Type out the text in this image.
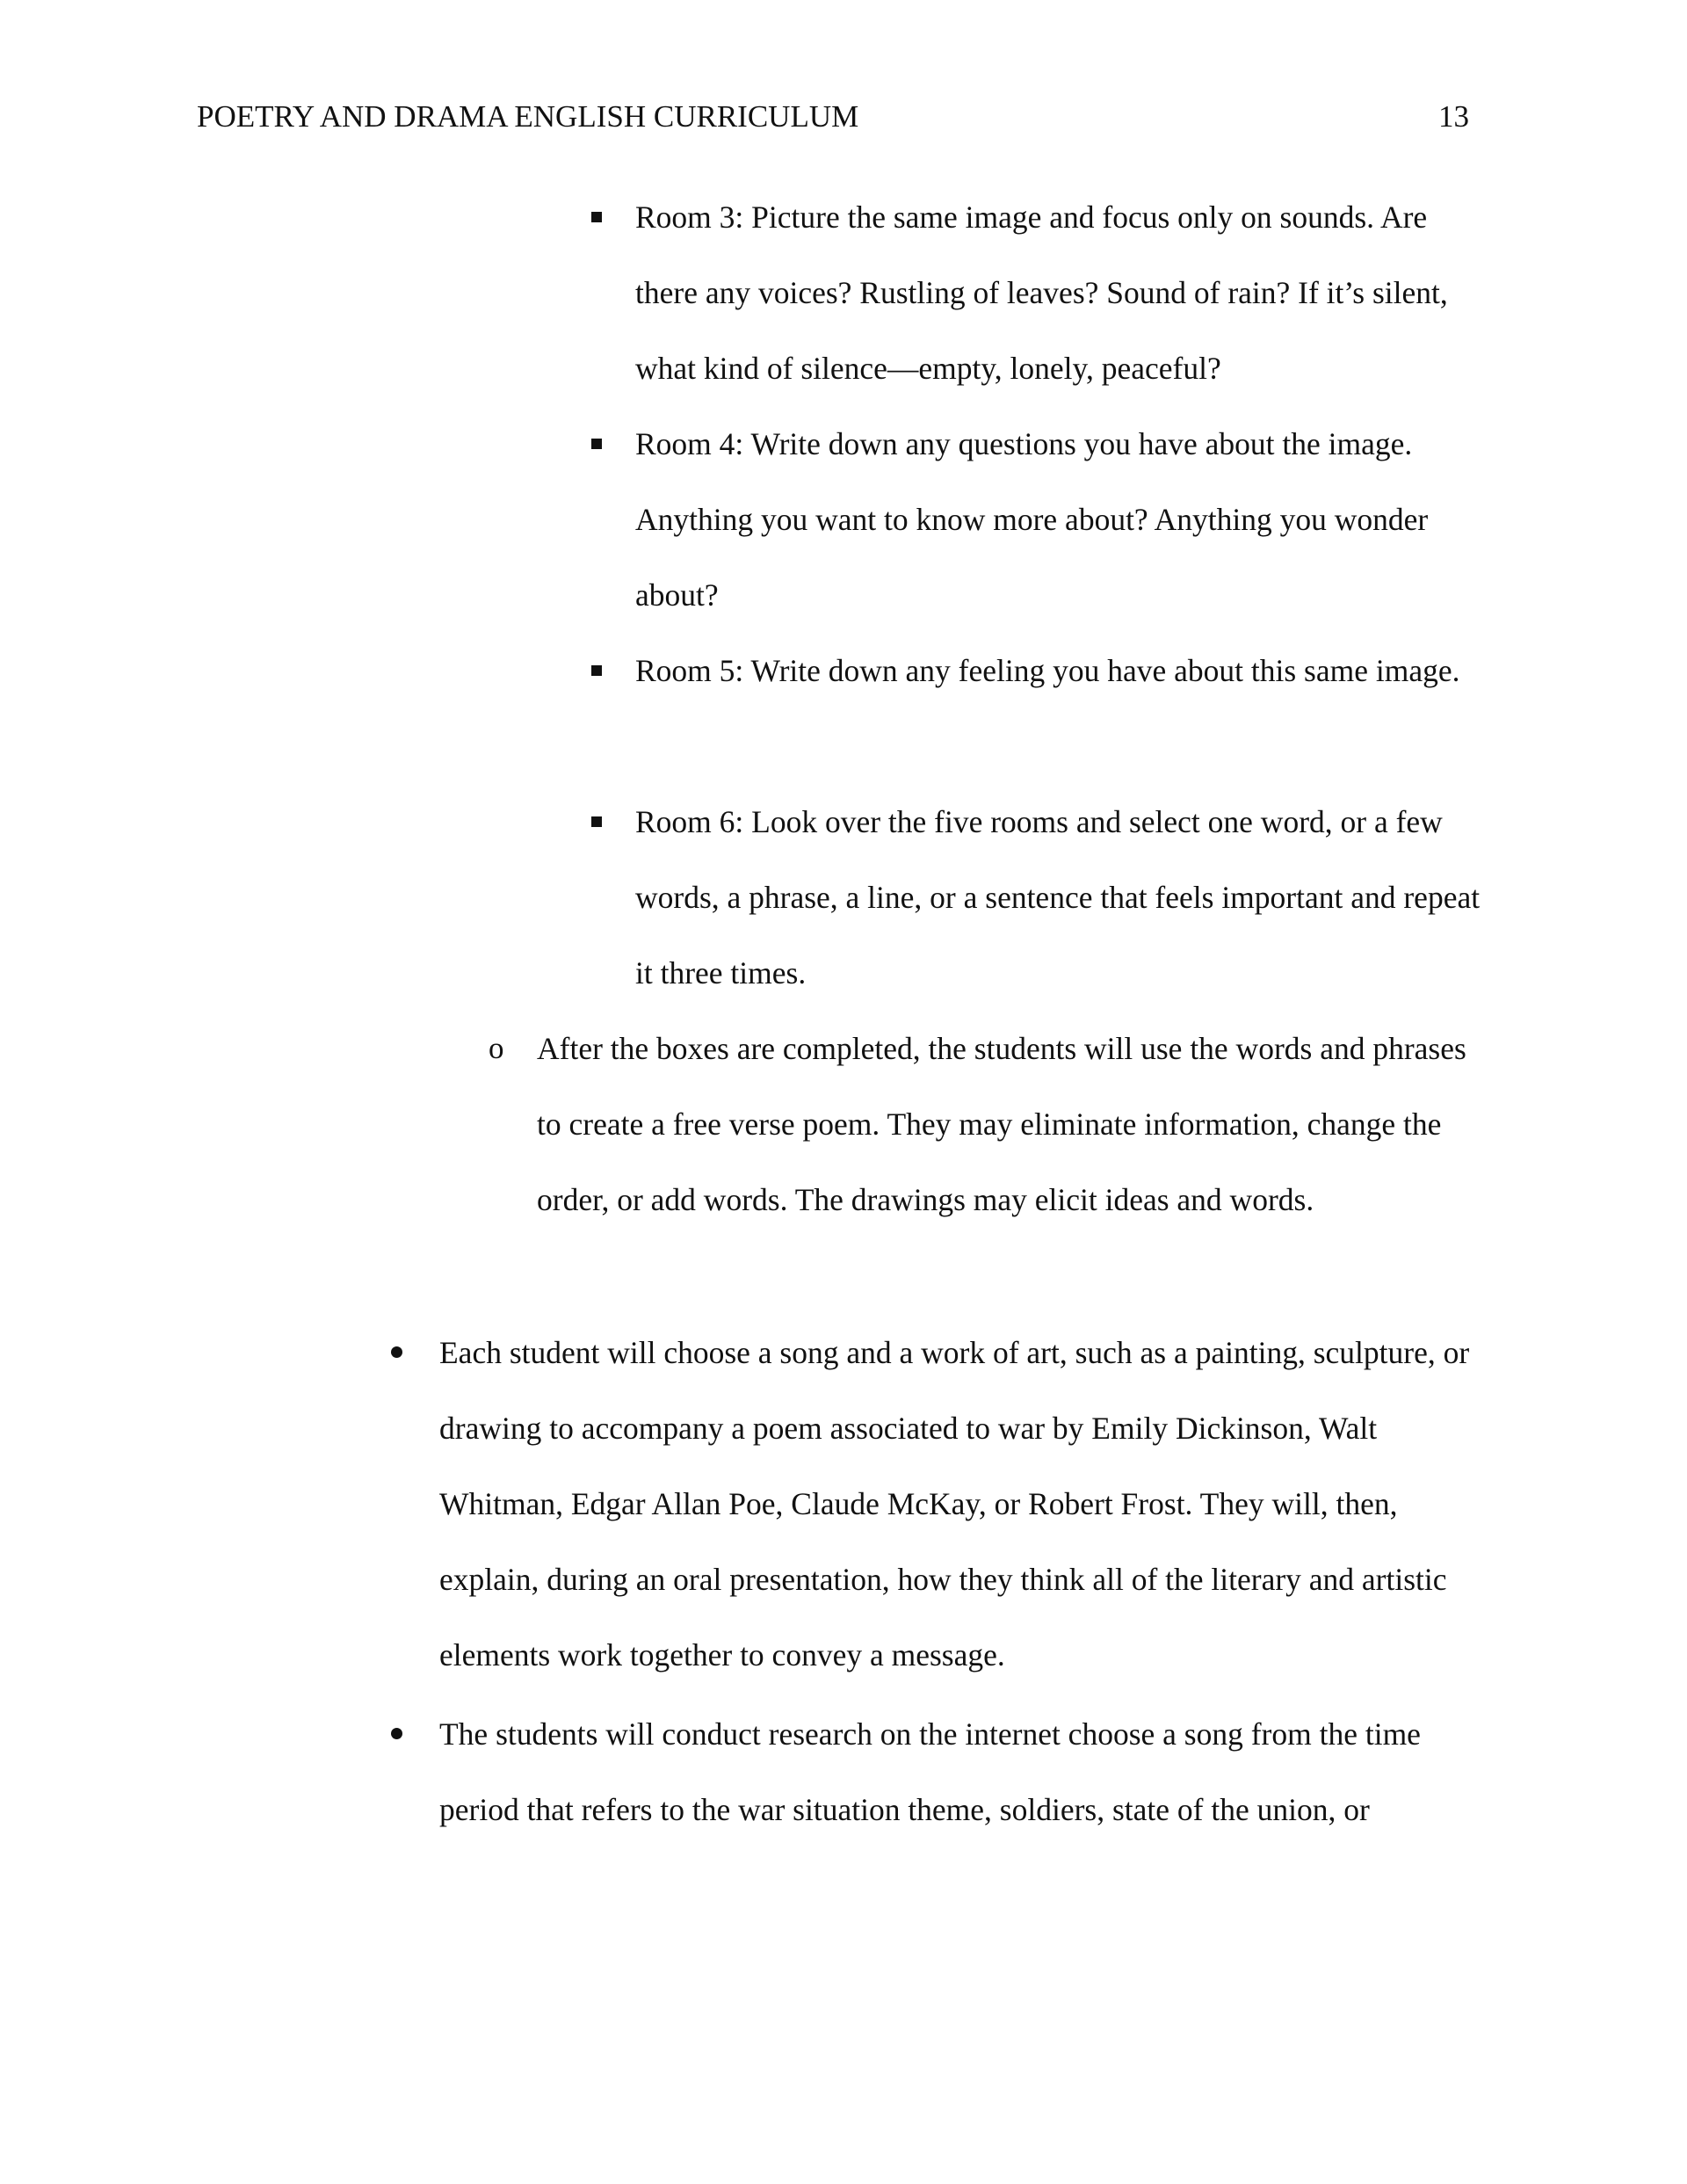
POETRY AND DRAMA ENGLISH CURRICULUM	13
Room 3: Picture the same image and focus only on sounds. Are there any voices? Rustling of leaves? Sound of rain? If it’s silent, what kind of silence—empty, lonely, peaceful?
Room 4: Write down any questions you have about the image. Anything you want to know more about? Anything you wonder about?
Room 5: Write down any feeling you have about this same image.
Room 6: Look over the five rooms and select one word, or a few words, a phrase, a line, or a sentence that feels important and repeat it three times.
o After the boxes are completed, the students will use the words and phrases to create a free verse poem. They may eliminate information, change the order, or add words. The drawings may elicit ideas and words.
Each student will choose a song and a work of art, such as a painting, sculpture, or drawing to accompany a poem associated to war by Emily Dickinson, Walt Whitman, Edgar Allan Poe, Claude McKay, or Robert Frost. They will, then, explain, during an oral presentation, how they think all of the literary and artistic elements work together to convey a message.
The students will conduct research on the internet choose a song from the time period that refers to the war situation theme, soldiers, state of the union, or
